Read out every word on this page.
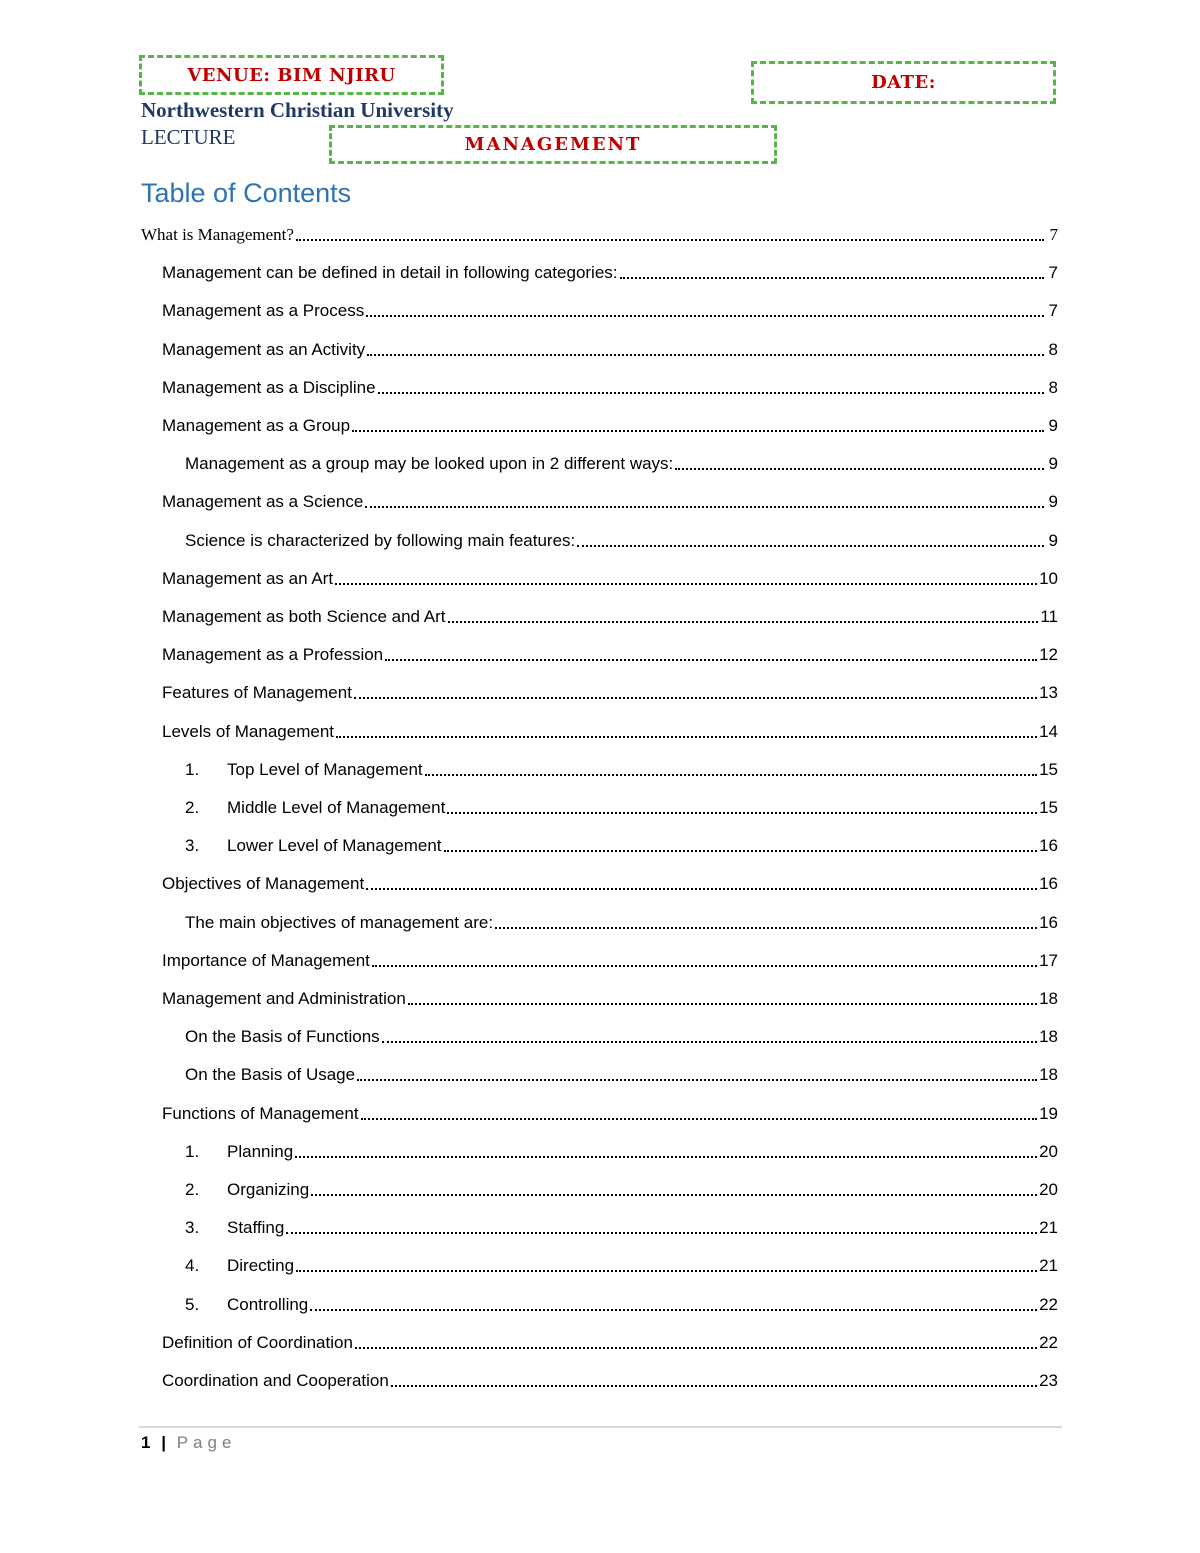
VENUE: BIM NJIRU	DATE:
Northwestern Christian University
LECTURE	MANAGEMENT
Table of Contents
What is Management?	7
Management can be defined in detail in following categories:	7
Management as a Process	7
Management as an Activity	8
Management as a Discipline	8
Management as a Group	9
Management as a group may be looked upon in 2 different ways:	9
Management as a Science	9
Science is characterized by following main features:	9
Management as an Art	10
Management as both Science and Art	11
Management as a Profession	12
Features of Management	13
Levels of Management	14
1.	Top Level of Management	15
2.	Middle Level of Management	15
3.	Lower Level of Management	16
Objectives of Management	16
The main objectives of management are:	16
Importance of Management	17
Management and Administration	18
On the Basis of Functions	18
On the Basis of Usage	18
Functions of Management	19
1.	Planning	20
2.	Organizing	20
3.	Staffing	21
4.	Directing	21
5.	Controlling	22
Definition of Coordination	22
Coordination and Cooperation	23
1 | Page
